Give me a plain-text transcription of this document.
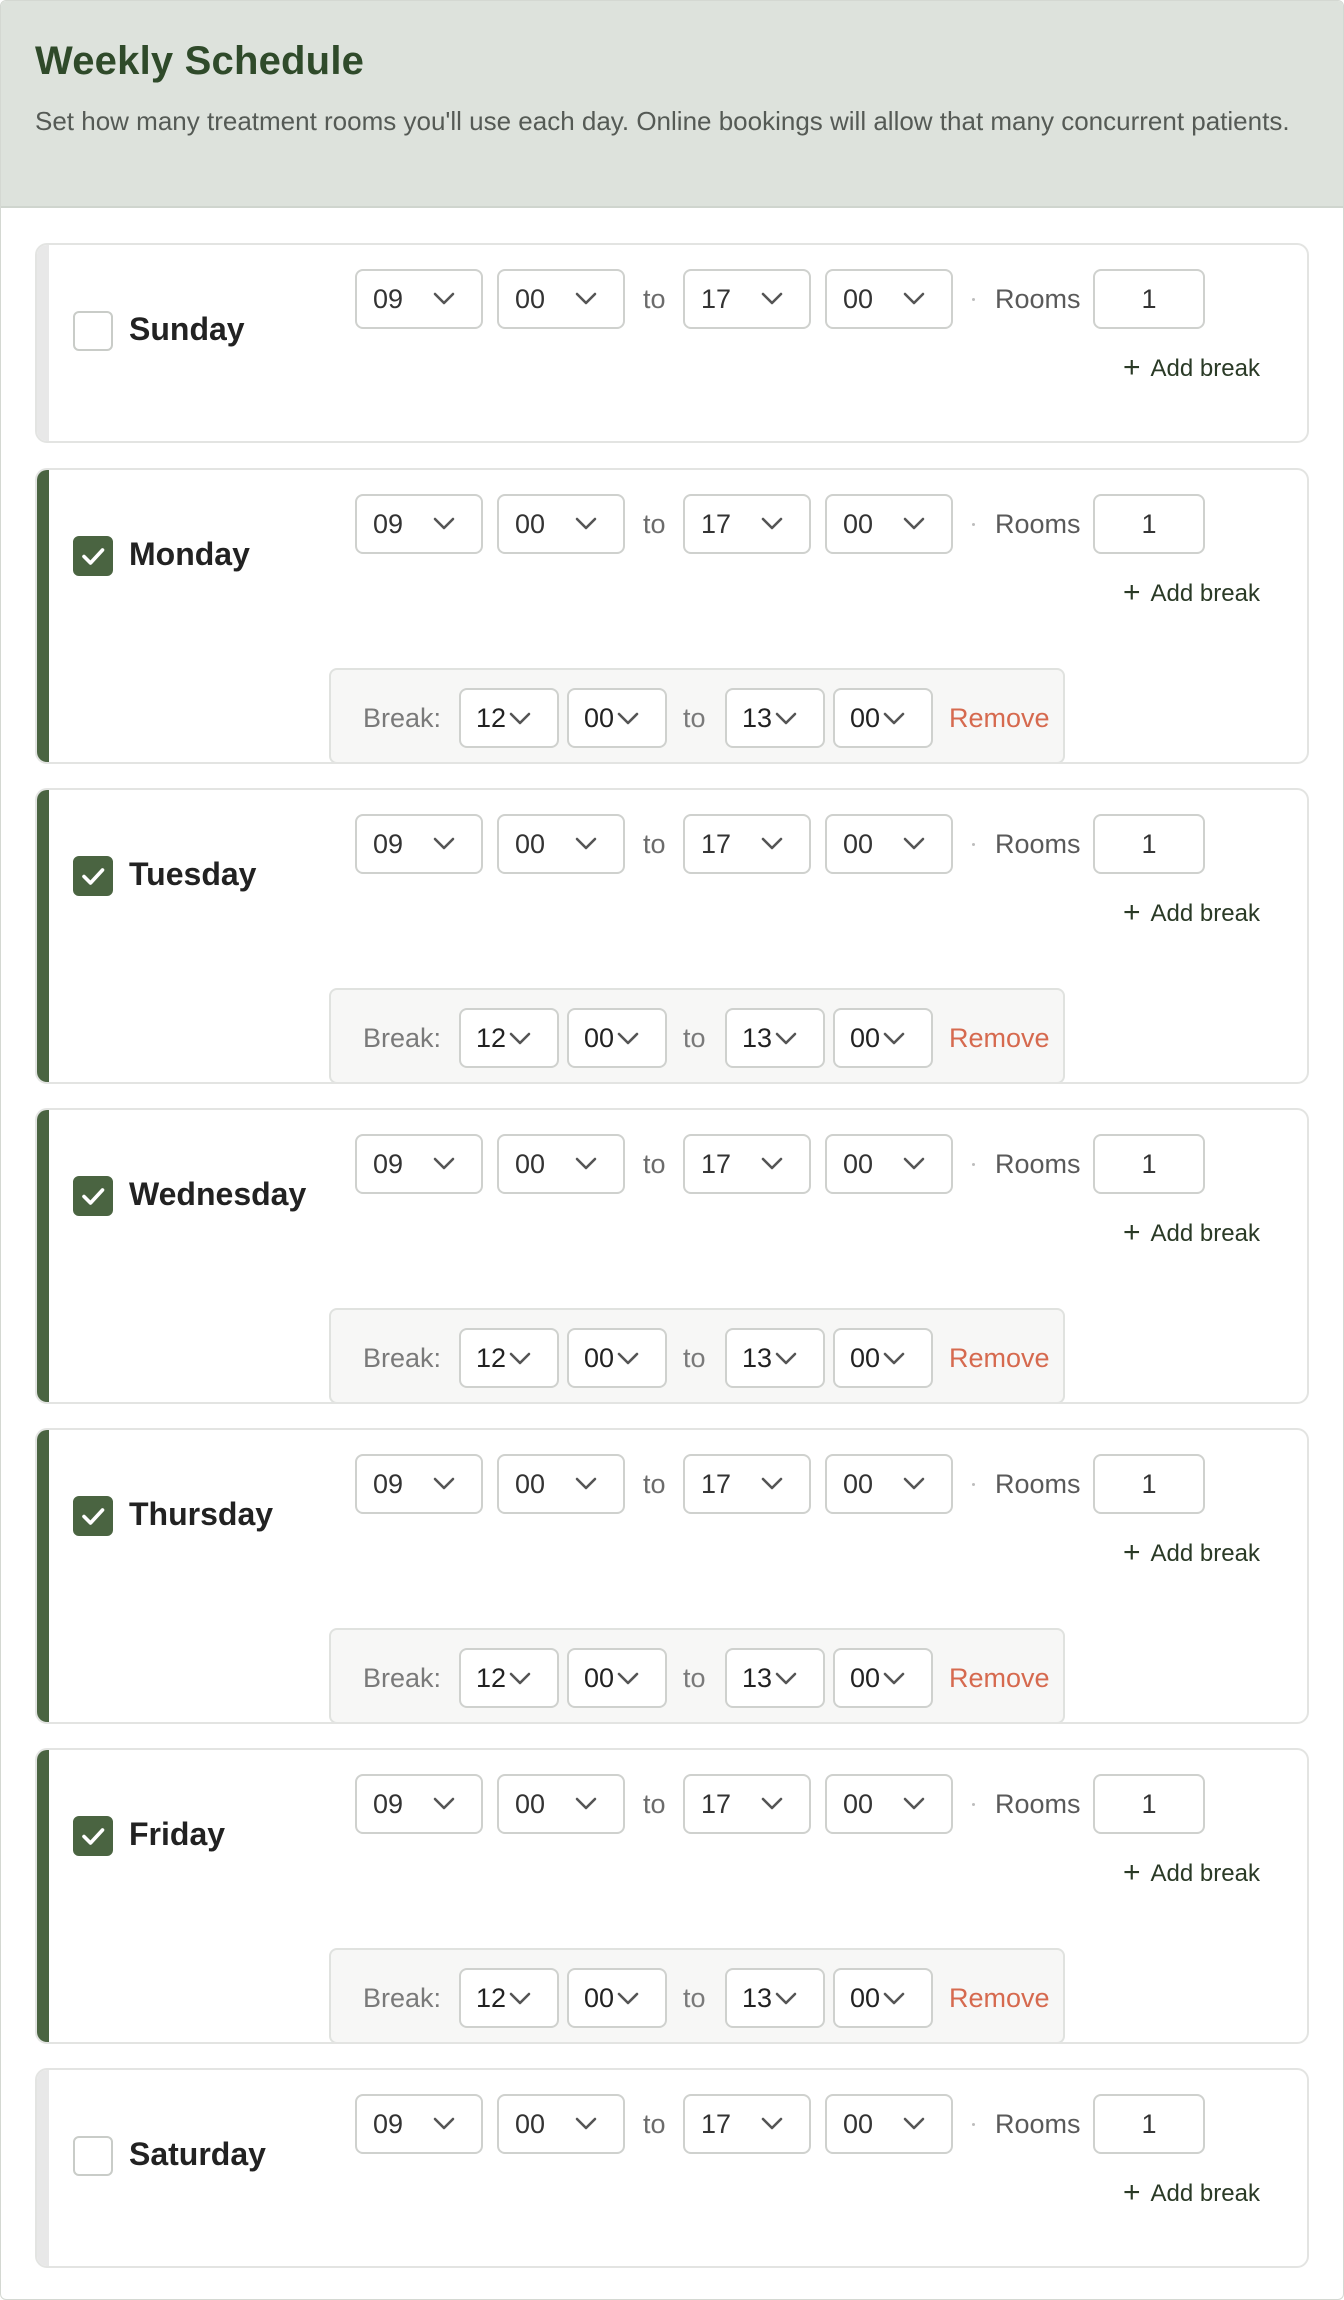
Weekly Schedule

Set how many treatment rooms you'll use each day. Online bookings will allow that many concurrent patients.

Sunday
09	00	to 17	00	Rooms	1
+ Add break
Monday
09	00	to 17	00	Rooms	1
+ Add break
Break: 12	00	to 13	00	Remove
Tuesday
09	00	to 17	00	Rooms	1
+ Add break
Break: 12	00	to 13	00	Remove
Wednesday
09	00	to 17	00	Rooms	1
+ Add break
Break: 12	00	to 13	00	Remove
Thursday
09	00	to 17	00	Rooms	1
+ Add break
Break: 12	00	to 13	00	Remove
Friday
09	00	to 17	00	Rooms	1
+ Add break
Break: 12	00	to 13	00	Remove
Saturday
09	00	to 17	00	Rooms	1
+ Add break
